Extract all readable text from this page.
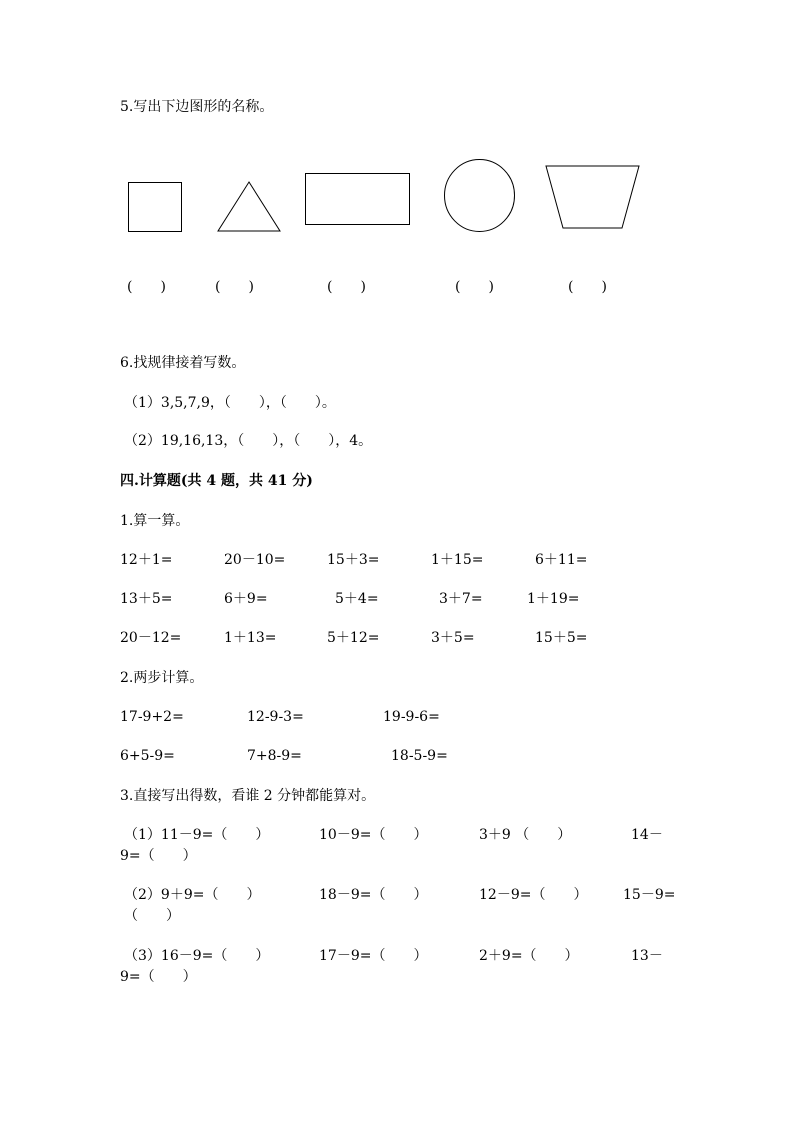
5.写出下边图形的名称。
(　　)	(　　)	(　　)	(　　)	(　　)
6.找规律接着写数。
（1）3,5,7,9，（　　），（　　）。
（2）19,16,13，（　　），（　　），4。
四.计算题(共 4 题，共 41 分)
1.算一算。
12＋1=	20－10=	15＋3=	1＋15=	6＋11=
13＋5=	6＋9=	5＋4=	3＋7=	1＋19=
20－12=	1＋13=	5＋12=	3＋5=	15＋5=
2.两步计算。
17-9+2=	12-9-3=	19-9-6=
6+5-9=	7+8-9=	18-5-9=
3.直接写出得数，看谁 2 分钟都能算对。
（1）11－9=（　　）	10－9=（　　）	3＋9 （　　）	14－
9=（　　）
（2）9＋9=（　　）	18－9=（　　）	12－9=（　　）	15－9=
（　　）
（3）16－9=（　　）	17－9=（　　）	2＋9=（　　）	13－
9=（　　）
